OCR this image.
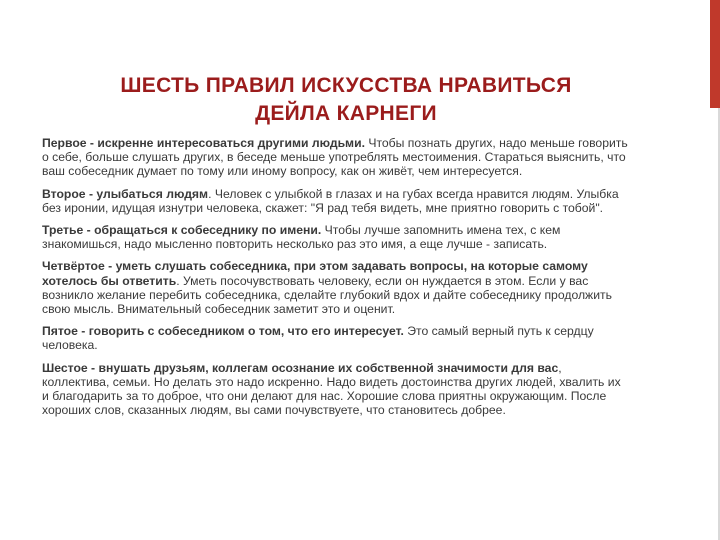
ШЕСТЬ ПРАВИЛ ИСКУССТВА НРАВИТЬСЯ
ДЕЙЛА КАРНЕГИ

Первое - искренне интересоваться другими людьми. Чтобы познать других, надо меньше говорить о себе, больше слушать других, в беседе меньше употреблять местоимения. Стараться выяснить, что ваш собеседник думает по тому или иному вопросу, как он живёт, чем интересуется.

Второе - улыбаться людям. Человек с улыбкой в глазах и на губах всегда нравится людям. Улыбка без иронии, идущая изнутри человека, скажет: "Я рад тебя видеть, мне приятно говорить с тобой".

Третье - обращаться к собеседнику по имени. Чтобы лучше запомнить имена тех, с кем знакомишься, надо мысленно повторить несколько раз это имя, а еще лучше - записать.

Четвёртое - уметь слушать собеседника, при этом задавать вопросы, на которые самому хотелось бы ответить. Уметь посочувствовать человеку, если он нуждается в этом. Если у вас возникло желание перебить собеседника, сделайте глубокий вдох и дайте собеседнику продолжить свою мысль. Внимательный собеседник заметит это и оценит.

Пятое - говорить с собеседником о том, что его интересует. Это самый верный путь к сердцу человека.

Шестое - внушать друзьям, коллегам осознание их собственной значимости для вас, коллектива, семьи. Но делать это надо искренно. Надо видеть достоинства других людей, хвалить их и благодарить за то доброе, что они делают для нас. Хорошие слова приятны окружающим. После хороших слов, сказанных людям, вы сами почувствуете, что становитесь добрее.
